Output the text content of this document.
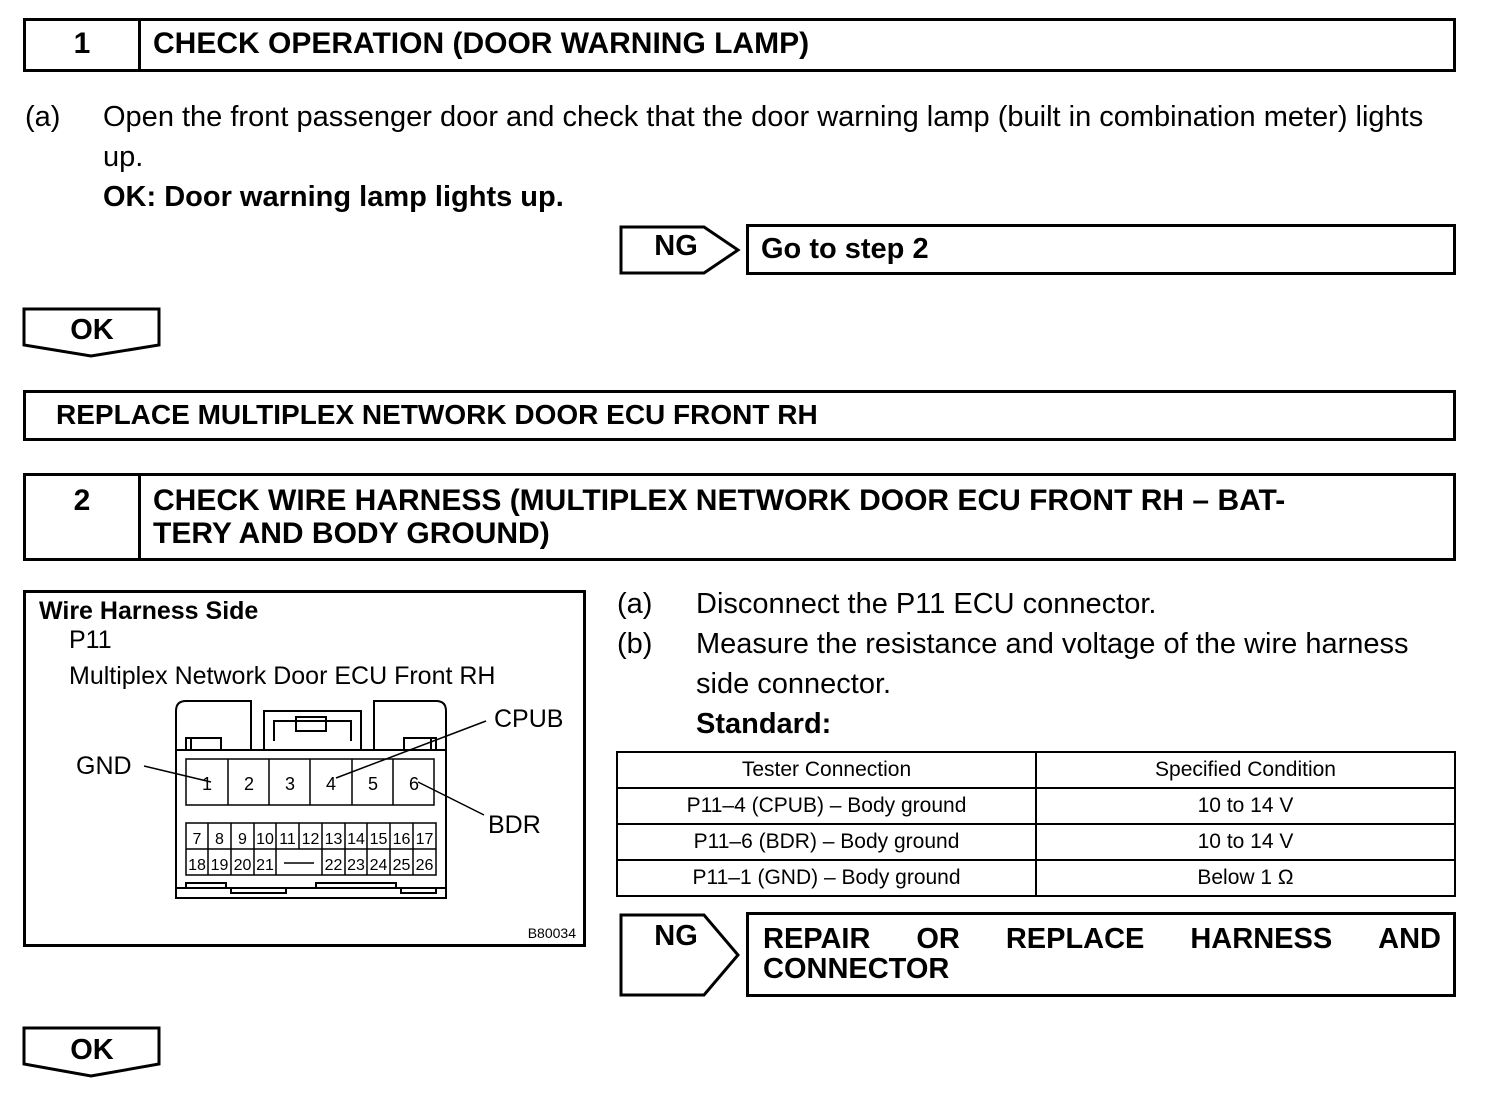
1	CHECK OPERATION (DOOR WARNING LAMP)
(a) Open the front passenger door and check that the door warning lamp (built in combination meter) lights
up.
OK: Door warning lamp lights up.
NG	Go to step 2
OK
REPLACE MULTIPLEX NETWORK DOOR ECU FRONT RH
2	CHECK WIRE HARNESS (MULTIPLEX NETWORK DOOR ECU FRONT RH – BAT-
TERY AND BODY GROUND)
Wire Harness Side
P11
Multiplex Network Door ECU Front RH
1 2 3 4 5 6
7 8 9 10 11 12 13 14 15 16 17
18 19 20 21	22 23 24 25 26
CPUB
GND
BDR
B80034
(a) Disconnect the P11 ECU connector.
(b) Measure the resistance and voltage of the wire harness
side connector.
Standard:
Tester Connection	Specified Condition
P11–4 (CPUB) – Body ground	10 to 14 V
P11–6 (BDR) – Body ground	10 to 14 V
P11–1 (GND) – Body ground	Below 1 Ω
NG	REPAIR OR REPLACE HARNESS AND
CONNECTOR
OK
